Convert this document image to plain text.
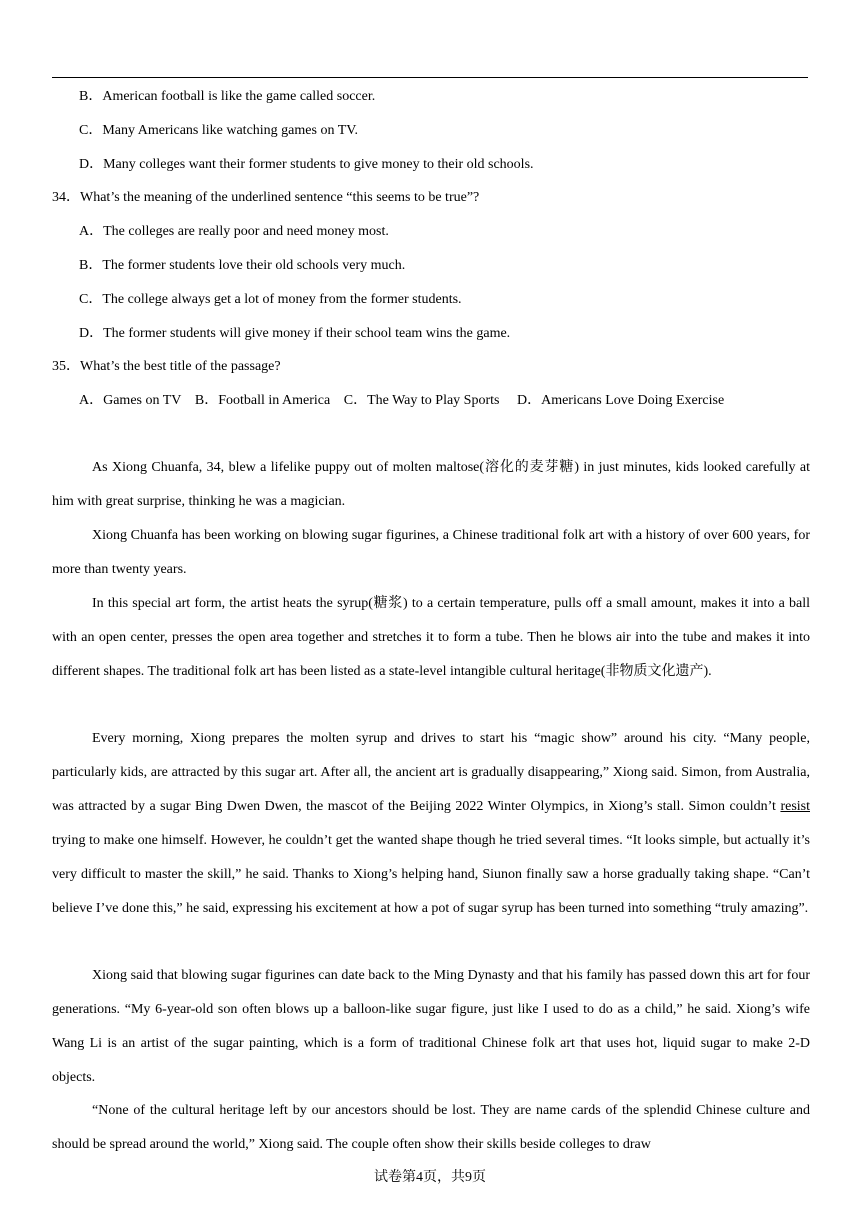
B．American football is like the game called soccer.
C．Many Americans like watching games on TV.
D．Many colleges want their former students to give money to their old schools.
34．What’s the meaning of the underlined sentence “this seems to be true”?
A．The colleges are really poor and need money most.
B．The former students love their old schools very much.
C．The college always get a lot of money from the former students.
D．The former students will give money if their school team wins the game.
35．What’s the best title of the passage?
A．Games on TV B．Football in America C．The Way to Play Sports D．Americans Love Doing Exercise
As Xiong Chuanfa, 34, blew a lifelike puppy out of molten maltose(溶化的麦芽糖) in just minutes, kids looked carefully at him with great surprise, thinking he was a magician.
Xiong Chuanfa has been working on blowing sugar figurines, a Chinese traditional folk art with a history of over 600 years, for more than twenty years.
In this special art form, the artist heats the syrup(糖浆) to a certain temperature, pulls off a small amount, makes it into a ball with an open center, presses the open area together and stretches it to form a tube. Then he blows air into the tube and makes it into different shapes. The traditional folk art has been listed as a state-level intangible cultural heritage(非物质文化遗产).
Every morning, Xiong prepares the molten syrup and drives to start his “magic show” around his city. “Many people, particularly kids, are attracted by this sugar art. After all, the ancient art is gradually disappearing,” Xiong said. Simon, from Australia, was attracted by a sugar Bing Dwen Dwen, the mascot of the Beijing 2022 Winter Olympics, in Xiong’s stall. Simon couldn’t resist trying to make one himself. However, he couldn’t get the wanted shape though he tried several times. “It looks simple, but actually it’s very difficult to master the skill,” he said. Thanks to Xiong’s helping hand, Siunon finally saw a horse gradually taking shape. “Can’t believe I’ve done this,” he said, expressing his excitement at how a pot of sugar syrup has been turned into something “truly amazing”.
Xiong said that blowing sugar figurines can date back to the Ming Dynasty and that his family has passed down this art for four generations. “My 6-year-old son often blows up a balloon-like sugar figure, just like I used to do as a child,” he said. Xiong’s wife Wang Li is an artist of the sugar painting, which is a form of traditional Chinese folk art that uses hot, liquid sugar to make 2-D objects.
“None of the cultural heritage left by our ancestors should be lost. They are name cards of the splendid Chinese culture and should be spread around the world,” Xiong said. The couple often show their skills beside colleges to draw
试卷第4页，共9页
